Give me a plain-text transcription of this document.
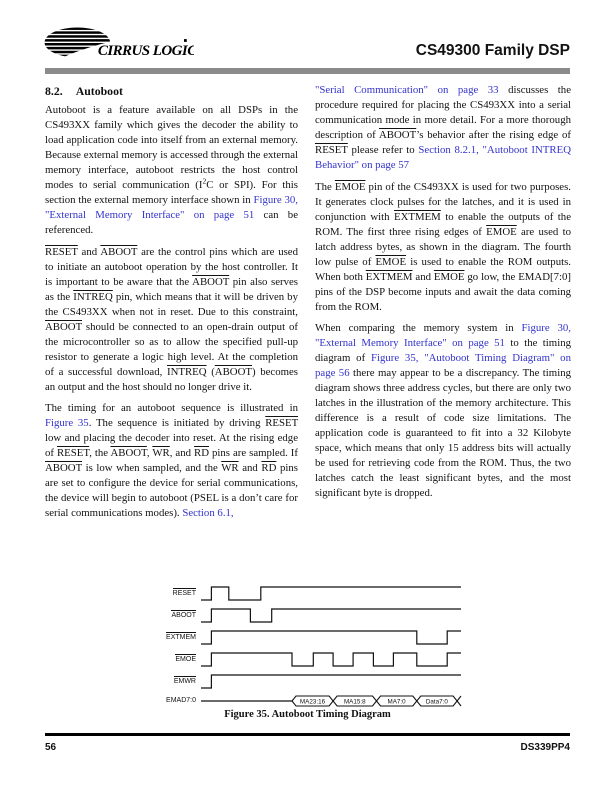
CIRRUS LOGIC	CS49300 Family DSP
8.2. Autoboot

Autoboot is a feature available on all DSPs in the CS493XX family which gives the decoder the ability to load application code into itself from an external memory. Because external memory is accessed through the external memory interface, autoboot restricts the host control modes to serial communication ($I^2C$ or SPI). For this section the external memory interface shown in Figure 30, "External Memory Interface" on page 51 can be referenced.

RESET and ABOOT are the control pins which are used to initiate an autoboot operation by the host controller. It is important to be aware that the ABOOT pin also serves as the INTREQ pin, which means that it will be driven by the CS493XX when not in reset. Due to this constraint, ABOOT should be connected to an open-drain output of the microcontroller so as to allow the specified pull-up resistor to generate a logic high level. At the completion of a successful download, INTREQ (ABOOT) becomes an output and the host should no longer drive it.

The timing for an autoboot sequence is illustrated in Figure 35. The sequence is initiated by driving RESET low and placing the decoder into reset. At the rising edge of RESET, the ABOOT, $\overline{WR}$, and $\overline{RD}$ pins are sampled. If ABOOT is low when sampled, and the $\overline{WR}$ and $\overline{RD}$ pins are set to configure the device for serial communications, the device will begin to autoboot (PSEL is a don’t care for serial communications modes). Section 6.1,

"Serial Communication" on page 33 discusses the procedure required for placing the CS493XX into a serial communication mode in more detail. For a more thorough description of ABOOT’s behavior after the rising edge of RESET please refer to Section 8.2.1, "Autoboot INTREQ Behavior" on page 57

The EMOE pin of the CS493XX is used for two purposes. It generates clock pulses for the latches, and it is used in conjunction with EXTMEM to enable the outputs of the ROM. The first three rising edges of EMOE are used to latch address bytes, as shown in the diagram. The fourth low pulse of EMOE is used to enable the ROM outputs. When both EXTMEM and EMOE go low, the EMAD[7:0] pins of the DSP become inputs and await the data coming from the ROM.

When comparing the memory system in Figure 30, "External Memory Interface" on page 51 to the timing diagram of Figure 35, "Autoboot Timing Diagram" on page 56 there may appear to be a discrepancy. The timing diagram shows three address cycles, but there are only two latches in the illustration of the memory architecture. This difference is a result of code size limitations. The application code is guaranteed to fit into a 32 Kilobyte space, which means that only 15 address bits will actually be used for retrieving code from the ROM. Thus, the two latches catch the least significant bytes, and the most significant byte is dropped.

RESET
ABOOT
EXTMEM
EMOE
EMWR
EMAD7:0	MA23:16	MA15:8	MA7:0	Data7:0
Figure 35. Autoboot Timing Diagram
56	DS339PP4
